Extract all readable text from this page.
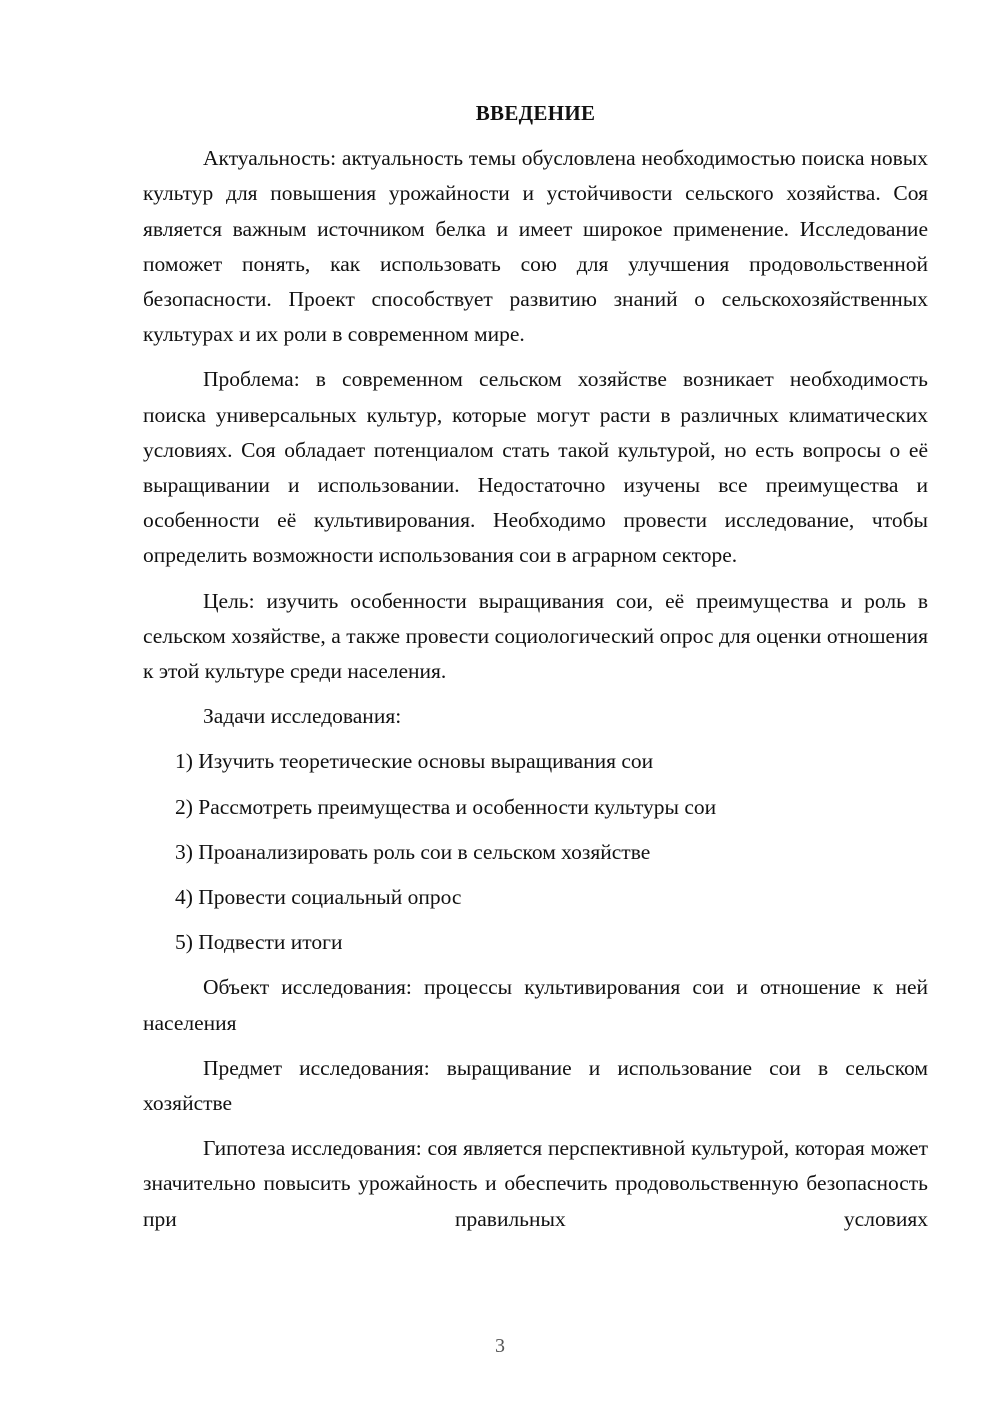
ВВЕДЕНИЕ

Актуальность: актуальность темы обусловлена необходимостью поиска новых культур для повышения урожайности и устойчивости сельского хозяйства. Соя является важным источником белка и имеет широкое применение. Исследование поможет понять, как использовать сою для улучшения продовольственной безопасности. Проект способствует развитию знаний о сельскохозяйственных культурах и их роли в современном мире.

Проблема: в современном сельском хозяйстве возникает необходимость поиска универсальных культур, которые могут расти в различных климатических условиях. Соя обладает потенциалом стать такой культурой, но есть вопросы о её выращивании и использовании. Недостаточно изучены все преимущества и особенности её культивирования. Необходимо провести исследование, чтобы определить возможности использования сои в аграрном секторе.

Цель: изучить особенности выращивания сои, её преимущества и роль в сельском хозяйстве, а также провести социологический опрос для оценки отношения к этой культуре среди населения.

Задачи исследования:

1) Изучить теоретические основы выращивания сои
2) Рассмотреть преимущества и особенности культуры сои
3) Проанализировать роль сои в сельском хозяйстве
4) Провести социальный опрос
5) Подвести итоги

Объект исследования: процессы культивирования сои и отношение к ней населения

Предмет исследования: выращивание и использование сои в сельском хозяйстве

Гипотеза исследования: соя является перспективной культурой, которая может значительно повысить урожайность и обеспечить продовольственную безопасность при правильных условиях

3
